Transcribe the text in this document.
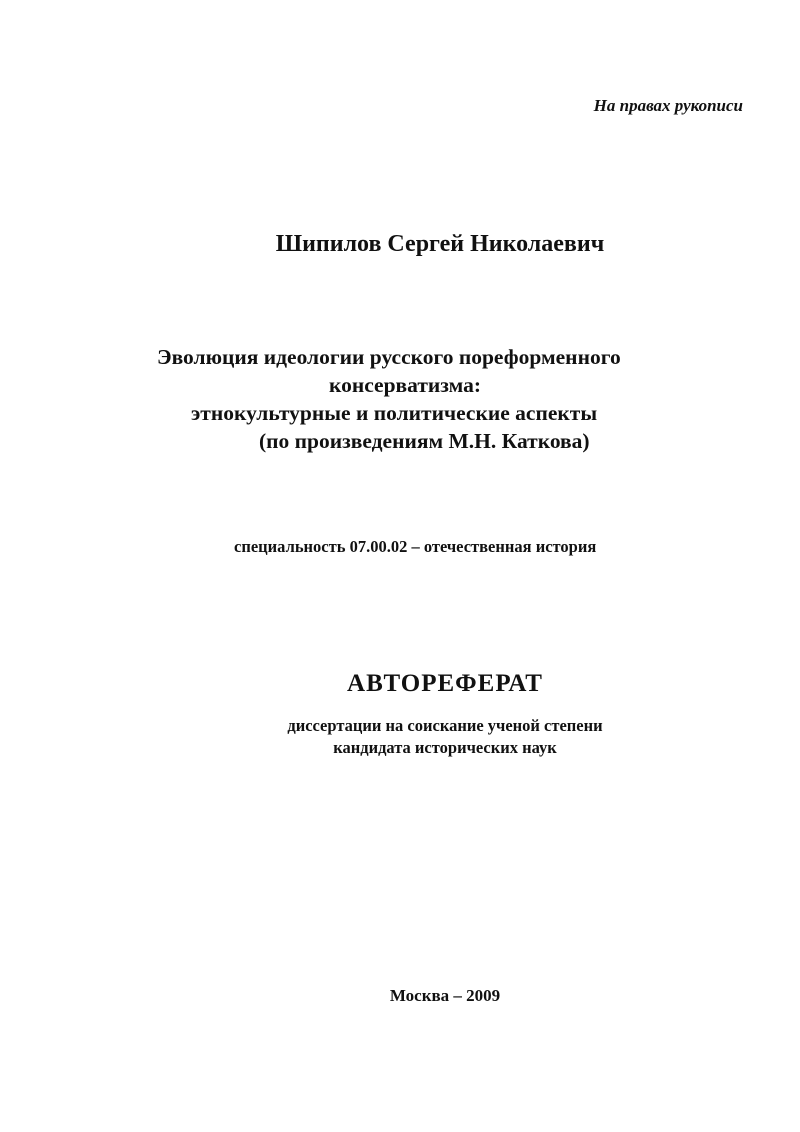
На правах рукописи
Шипилов Сергей Николаевич
Эволюция идеологии русского пореформенного
консерватизма:
этнокультурные и политические аспекты
(по произведениям М.Н. Каткова)
специальность 07.00.02 – отечественная история
АВТОРЕФЕРАТ
диссертации на соискание ученой степени
кандидата исторических наук
Москва – 2009
